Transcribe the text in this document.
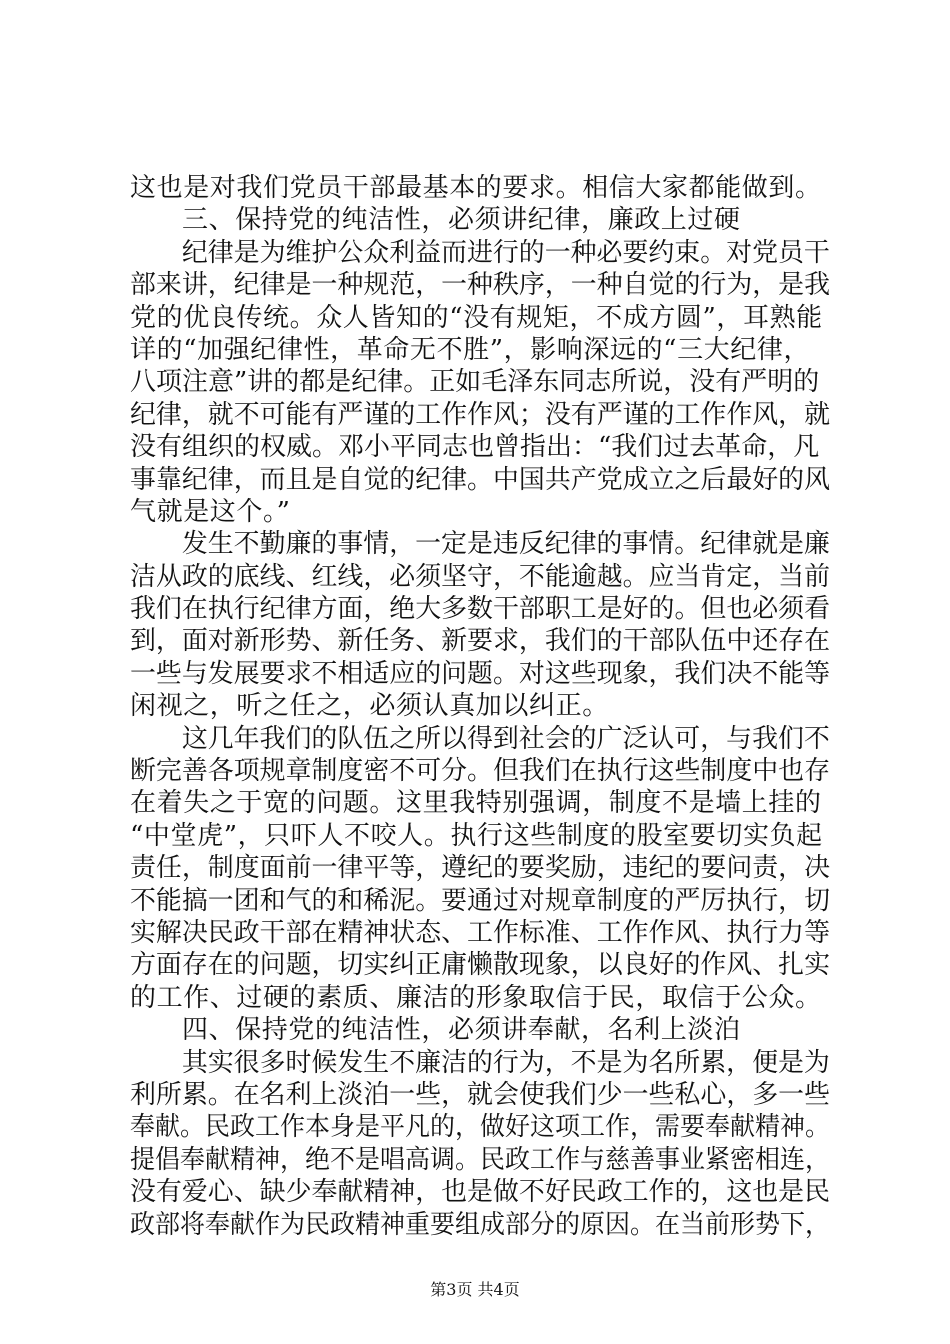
这也是对我们党员干部最基本的要求。相信大家都能做到。
三、保持党的纯洁性，必须讲纪律，廉政上过硬
纪律是为维护公众利益而进行的一种必要约束。对党员干
部来讲，纪律是一种规范，一种秩序，一种自觉的行为，是我
党的优良传统。众人皆知的“没有规矩，不成方圆”，耳熟能
详的“加强纪律性，革命无不胜”，影响深远的“三大纪律，
八项注意”讲的都是纪律。正如毛泽东同志所说，没有严明的
纪律，就不可能有严谨的工作作风；没有严谨的工作作风，就
没有组织的权威。邓小平同志也曾指出：“我们过去革命，凡
事靠纪律，而且是自觉的纪律。中国共产党成立之后最好的风
气就是这个。”
发生不勤廉的事情，一定是违反纪律的事情。纪律就是廉
洁从政的底线、红线，必须坚守，不能逾越。应当肯定，当前
我们在执行纪律方面，绝大多数干部职工是好的。但也必须看
到，面对新形势、新任务、新要求，我们的干部队伍中还存在
一些与发展要求不相适应的问题。对这些现象，我们决不能等
闲视之，听之任之，必须认真加以纠正。
这几年我们的队伍之所以得到社会的广泛认可，与我们不
断完善各项规章制度密不可分。但我们在执行这些制度中也存
在着失之于宽的问题。这里我特别强调，制度不是墙上挂的
“中堂虎”，只吓人不咬人。执行这些制度的股室要切实负起
责任，制度面前一律平等，遵纪的要奖励，违纪的要问责，决
不能搞一团和气的和稀泥。要通过对规章制度的严厉执行，切
实解决民政干部在精神状态、工作标准、工作作风、执行力等
方面存在的问题，切实纠正庸懒散现象，以良好的作风、扎实
的工作、过硬的素质、廉洁的形象取信于民，取信于公众。
四、保持党的纯洁性，必须讲奉献，名利上淡泊
其实很多时候发生不廉洁的行为，不是为名所累，便是为
利所累。在名利上淡泊一些，就会使我们少一些私心，多一些
奉献。民政工作本身是平凡的，做好这项工作，需要奉献精神。
提倡奉献精神，绝不是唱高调。民政工作与慈善事业紧密相连，
没有爱心、缺少奉献精神，也是做不好民政工作的，这也是民
政部将奉献作为民政精神重要组成部分的原因。在当前形势下，
第3页 共4页
